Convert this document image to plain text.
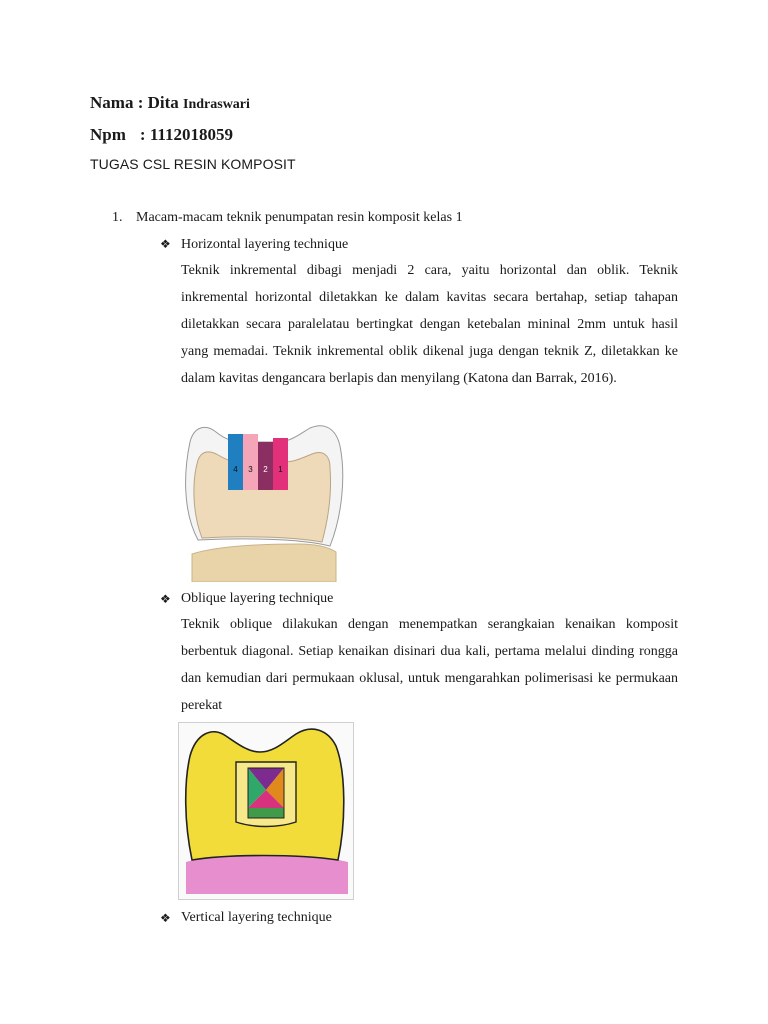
Nama : Dita Indraswari
Npm : 1112018059
TUGAS CSL RESIN KOMPOSIT
1. Macam-macam teknik penumpatan resin komposit kelas 1
❖ Horizontal layering technique
Teknik inkremental dibagi menjadi 2 cara, yaitu horizontal dan oblik. Teknik inkremental horizontal diletakkan ke dalam kavitas secara bertahap, setiap tahapan diletakkan secara paralelatau bertingkat dengan ketebalan mininal 2mm untuk hasil yang memadai. Teknik inkremental oblik dikenal juga dengan teknik Z, diletakkan ke dalam kavitas dengancara berlapis dan menyilang (Katona dan Barrak, 2016).
4 3 2 1
❖ Oblique layering technique
Teknik oblique dilakukan dengan menempatkan serangkaian kenaikan komposit berbentuk diagonal. Setiap kenaikan disinari dua kali, pertama melalui dinding rongga dan kemudian dari permukaan oklusal, untuk mengarahkan polimerisasi ke permukaan perekat
❖ Vertical layering technique
